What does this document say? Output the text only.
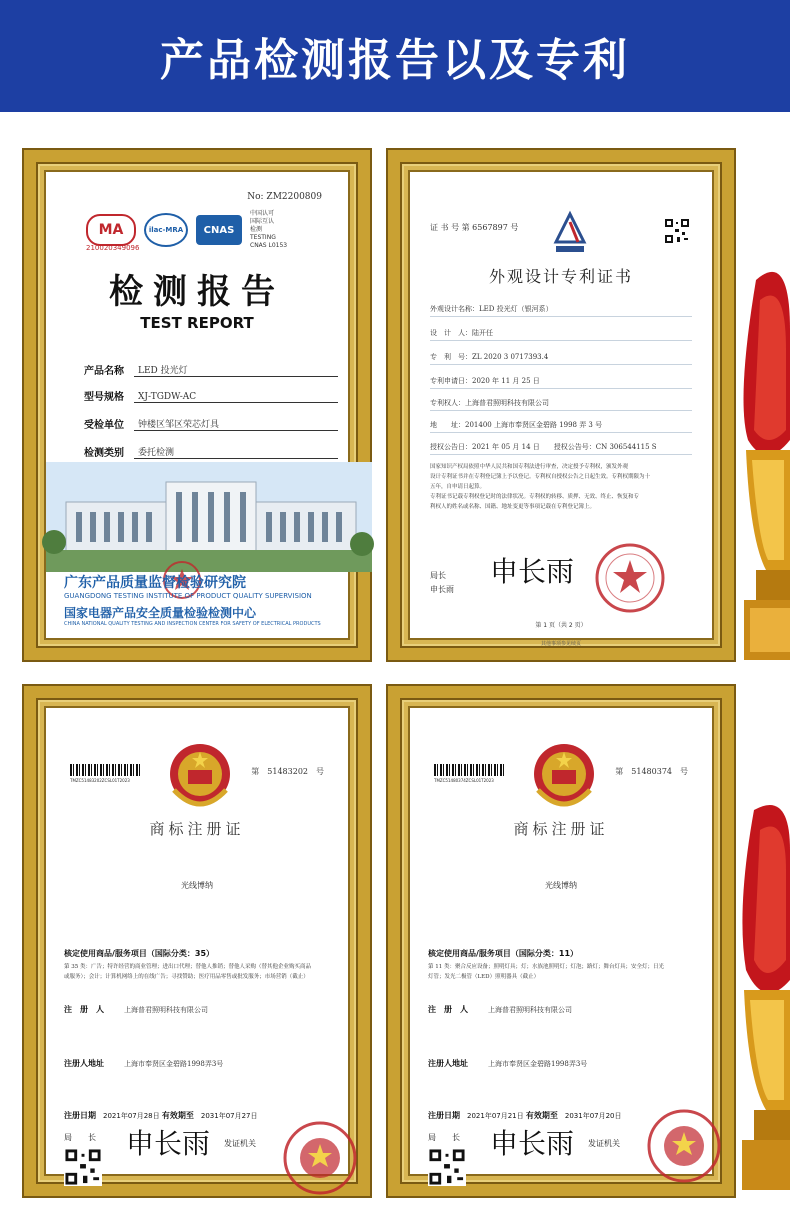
产品检测报告以及专利
No: ZM2200809
MA	ilac-MRA	CNAS
中国认可
国际互认
检测
TESTING
CNAS L0153
210020349096
检测报告
TEST REPORT
产品名称	LED 投光灯
型号规格	XJ-TGDW-AC
受检单位	钟楼区邹区荣芯灯具
检测类别	委托检测
广东产品质量监督检验研究院
GUANGDONG TESTING INSTITUTE OF PRODUCT QUALITY SUPERVISION
国家电器产品安全质量检验检测中心
CHINA NATIONAL QUALITY TESTING AND INSPECTION CENTER FOR SAFETY OF ELECTRICAL PRODUCTS
证 书 号 第 6567897 号
外观设计专利证书
外观设计名称：LED 投光灯（银河系）
设　计　人：陆开任
专　利　号：ZL 2020 3 0717393.4
专利申请日：2020 年 11 月 25 日
专利权人：上海普君照明科技有限公司
地　　址：201400 上海市奉贤区金碧路 1998 弄 3 号
授权公告日：2021 年 05 月 14 日　　授权公告号：CN 306544115 S
国家知识产权局依照中华人民共和国专利法进行审查，决定授予专利权，颁发外观
设计专利证书并在专利登记簿上予以登记。专利权自授权公告之日起生效。专利权期限为十
五年，自申请日起算。
专利证书记载专利权登记时的法律状况。专利权的转移、质押、无效、终止、恢复和专
利权人的姓名或名称、国籍、地址变更等事项记载在专利登记簿上。
局长
申长雨
申长雨
第 1 页（共 2 页）
其他事项参见续页
TMZC51483202ZCSL01T2023
第　51483202　号
商标注册证
光线博纳
核定使用商品/服务项目（国际分类：35）
第 35 类：广告；特许经营的商业管理；进出口代理；替他人推销；替他人采购（替其他企业购买商品
或服务）；会计；计算机网络上的在线广告；寻找赞助；医疗用品零售或批发服务；市场营销（截止）
注　册　人	上海普君照明科技有限公司
注册人地址	上海市奉贤区金碧路1998弄3号
注册日期　 2021年07月28日 有效期至　 2031年07月27日
局　　长 申长雨 发证机关
TMZC51480374ZCSL01T2023
第　51480374　号
商标注册证
光线博纳
核定使用商品/服务项目（国际分类：11）
第 11 类：聚合反应设备；照明灯具；灯；水族池照明灯；灯泡；路灯；舞台灯具；安全灯；日光
灯管；发光二极管（LED）照明器具（截止）
注　册　人	上海普君照明科技有限公司
注册人地址	上海市奉贤区金碧路1998弄3号
注册日期　 2021年07月21日 有效期至　 2031年07月20日
局　　长 申长雨 发证机关
